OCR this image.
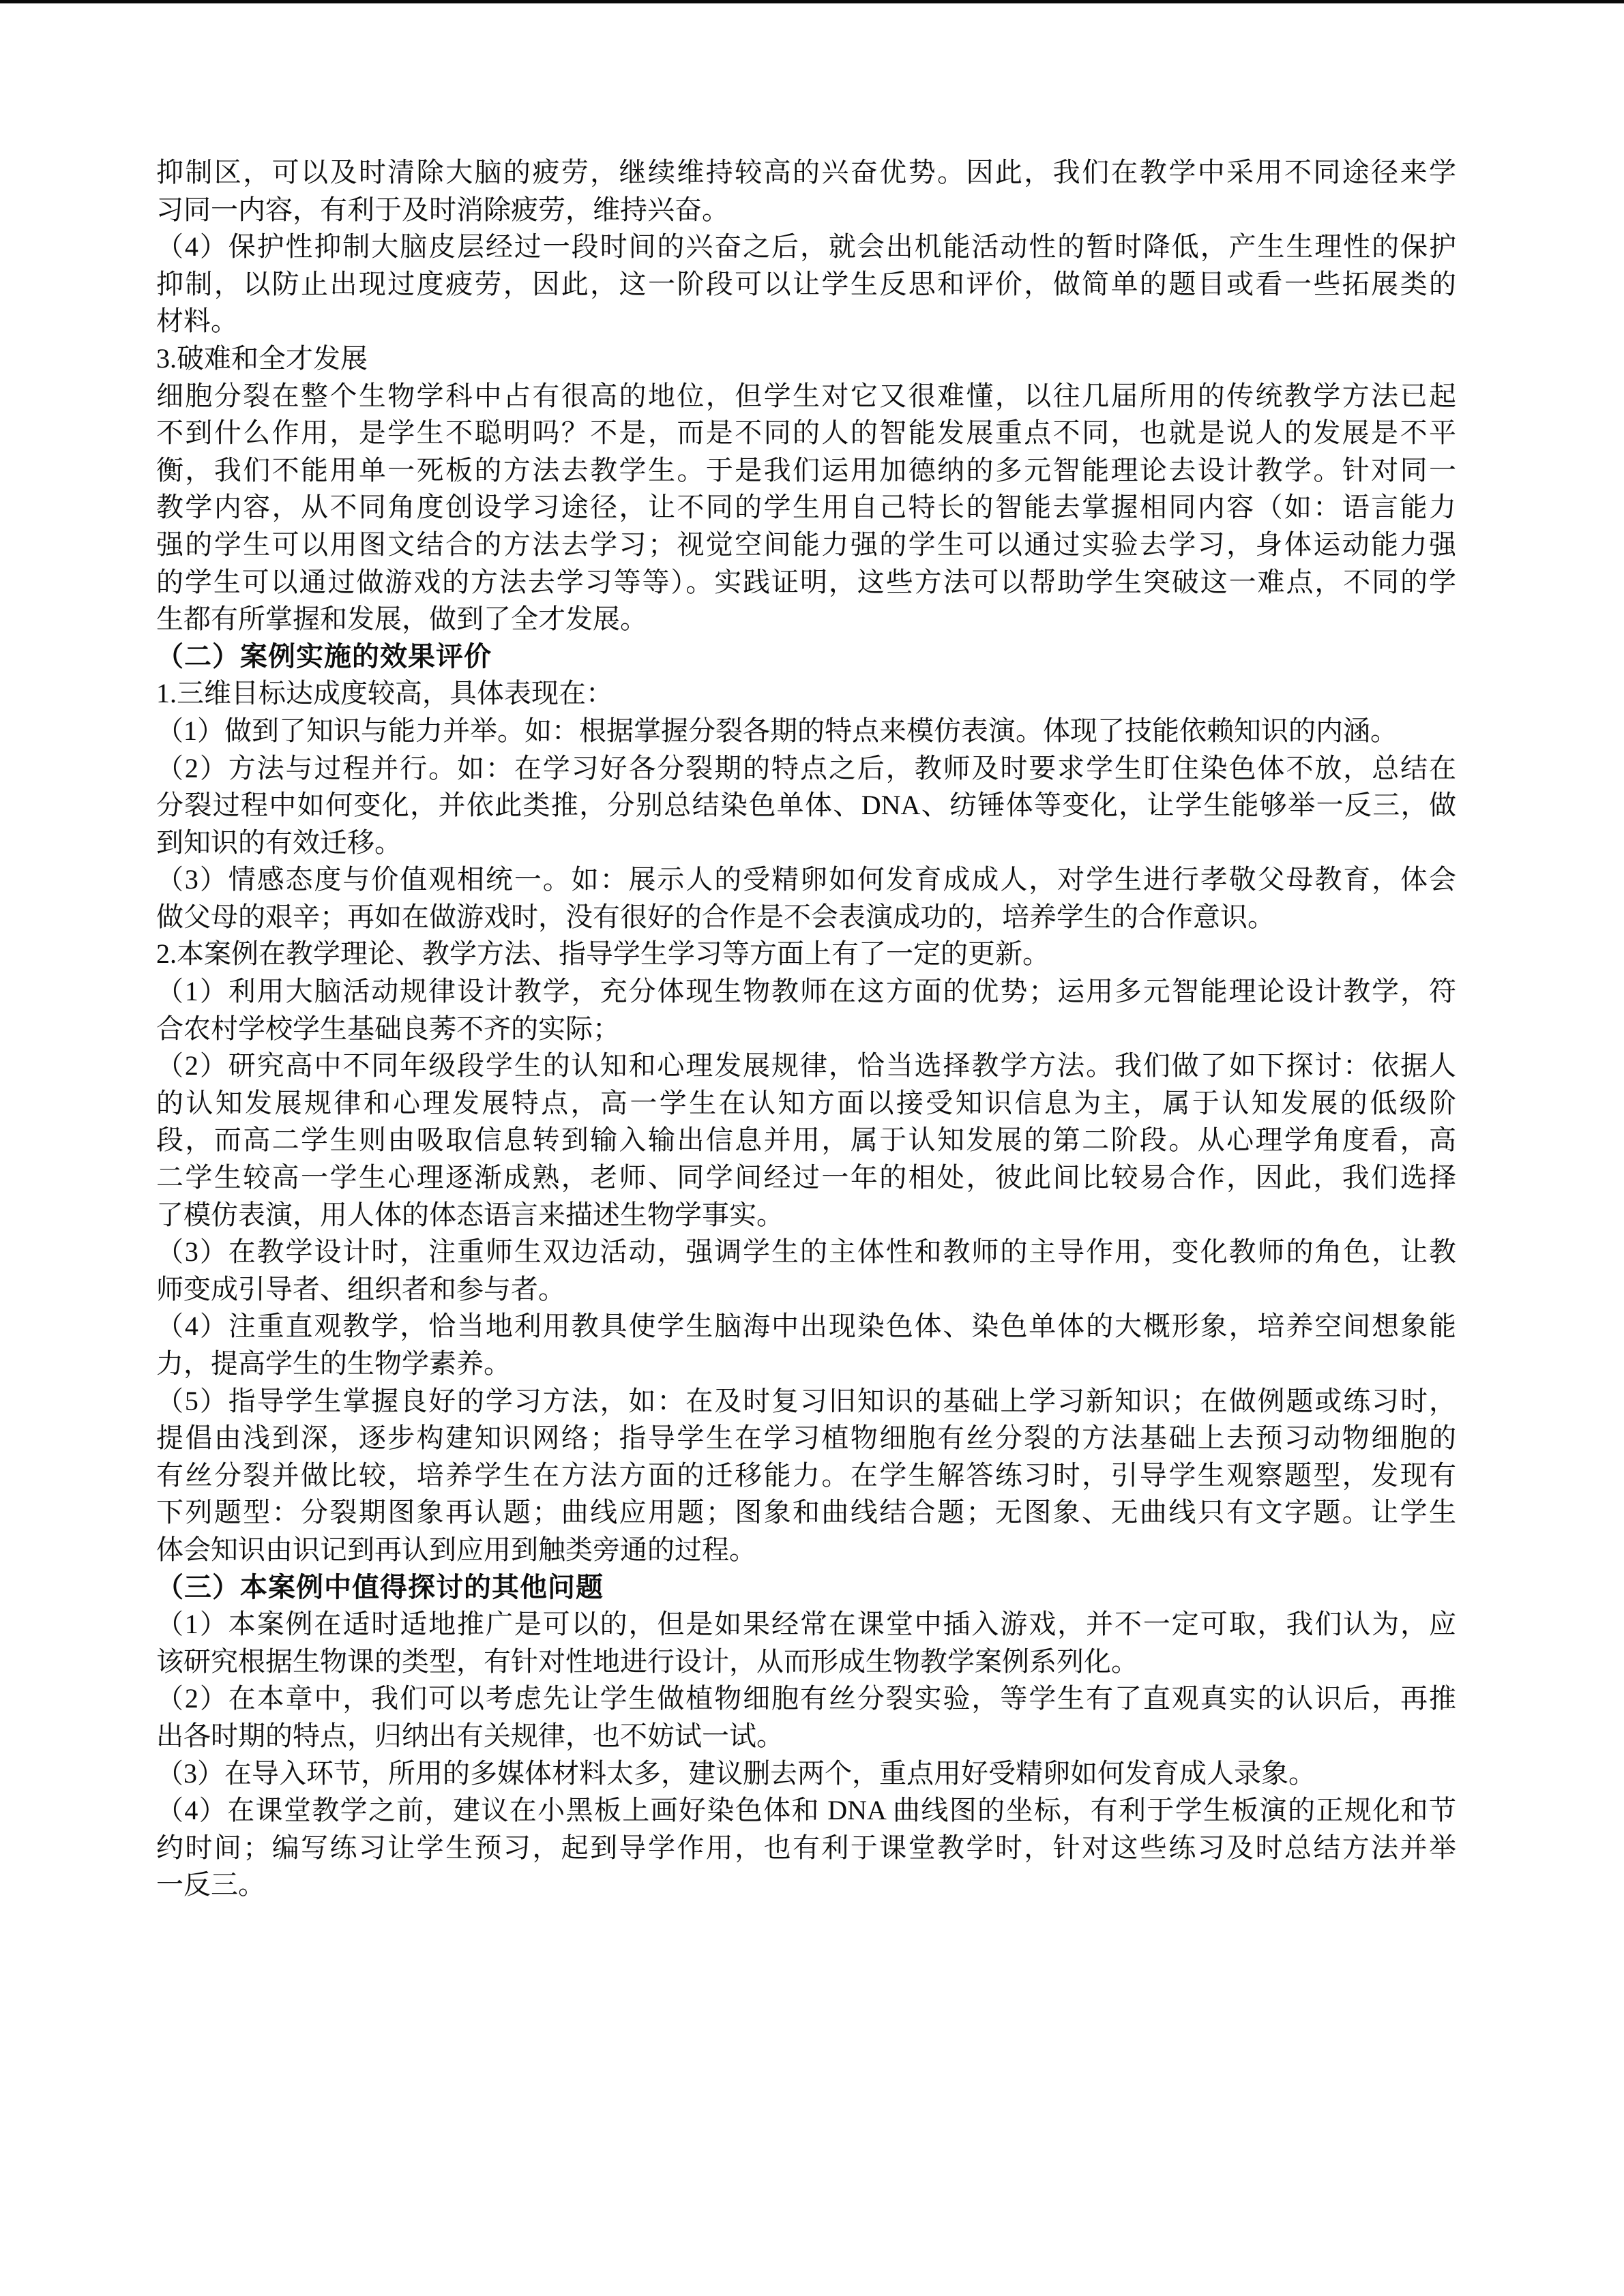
抑制区，可以及时清除大脑的疲劳，继续维持较高的兴奋优势。因此，我们在教学中采用不同途径来学
习同一内容，有利于及时消除疲劳，维持兴奋。
（4）保护性抑制大脑皮层经过一段时间的兴奋之后，就会出机能活动性的暂时降低，产生生理性的保护
抑制，以防止出现过度疲劳，因此，这一阶段可以让学生反思和评价，做简单的题目或看一些拓展类的
材料。
3.破难和全才发展
细胞分裂在整个生物学科中占有很高的地位，但学生对它又很难懂，以往几届所用的传统教学方法已起
不到什么作用，是学生不聪明吗？不是，而是不同的人的智能发展重点不同，也就是说人的发展是不平
衡，我们不能用单一死板的方法去教学生。于是我们运用加德纳的多元智能理论去设计教学。针对同一
教学内容，从不同角度创设学习途径，让不同的学生用自己特长的智能去掌握相同内容（如：语言能力
强的学生可以用图文结合的方法去学习；视觉空间能力强的学生可以通过实验去学习，身体运动能力强
的学生可以通过做游戏的方法去学习等等）。实践证明，这些方法可以帮助学生突破这一难点，不同的学
生都有所掌握和发展，做到了全才发展。
（二）案例实施的效果评价
1.三维目标达成度较高，具体表现在：
（1）做到了知识与能力并举。如：根据掌握分裂各期的特点来模仿表演。体现了技能依赖知识的内涵。
（2）方法与过程并行。如：在学习好各分裂期的特点之后，教师及时要求学生盯住染色体不放，总结在
分裂过程中如何变化，并依此类推，分别总结染色单体、DNA、纺锤体等变化，让学生能够举一反三，做
到知识的有效迁移。
（3）情感态度与价值观相统一。如：展示人的受精卵如何发育成成人，对学生进行孝敬父母教育，体会
做父母的艰辛；再如在做游戏时，没有很好的合作是不会表演成功的，培养学生的合作意识。
2.本案例在教学理论、教学方法、指导学生学习等方面上有了一定的更新。
（1）利用大脑活动规律设计教学，充分体现生物教师在这方面的优势；运用多元智能理论设计教学，符
合农村学校学生基础良莠不齐的实际；
（2）研究高中不同年级段学生的认知和心理发展规律，恰当选择教学方法。我们做了如下探讨：依据人
的认知发展规律和心理发展特点，高一学生在认知方面以接受知识信息为主，属于认知发展的低级阶
段，而高二学生则由吸取信息转到输入输出信息并用，属于认知发展的第二阶段。从心理学角度看，高
二学生较高一学生心理逐渐成熟，老师、同学间经过一年的相处，彼此间比较易合作，因此，我们选择
了模仿表演，用人体的体态语言来描述生物学事实。
（3）在教学设计时，注重师生双边活动，强调学生的主体性和教师的主导作用，变化教师的角色，让教
师变成引导者、组织者和参与者。
（4）注重直观教学，恰当地利用教具使学生脑海中出现染色体、染色单体的大概形象，培养空间想象能
力，提高学生的生物学素养。
（5）指导学生掌握良好的学习方法，如：在及时复习旧知识的基础上学习新知识；在做例题或练习时，
提倡由浅到深，逐步构建知识网络；指导学生在学习植物细胞有丝分裂的方法基础上去预习动物细胞的
有丝分裂并做比较，培养学生在方法方面的迁移能力。在学生解答练习时，引导学生观察题型，发现有
下列题型：分裂期图象再认题；曲线应用题；图象和曲线结合题；无图象、无曲线只有文字题。让学生
体会知识由识记到再认到应用到触类旁通的过程。
（三）本案例中值得探讨的其他问题
（1）本案例在适时适地推广是可以的，但是如果经常在课堂中插入游戏，并不一定可取，我们认为，应
该研究根据生物课的类型，有针对性地进行设计，从而形成生物教学案例系列化。
（2）在本章中，我们可以考虑先让学生做植物细胞有丝分裂实验，等学生有了直观真实的认识后，再推
出各时期的特点，归纳出有关规律，也不妨试一试。
（3）在导入环节，所用的多媒体材料太多，建议删去两个，重点用好受精卵如何发育成人录象。
（4）在课堂教学之前，建议在小黑板上画好染色体和 DNA 曲线图的坐标，有利于学生板演的正规化和节
约时间；编写练习让学生预习，起到导学作用，也有利于课堂教学时，针对这些练习及时总结方法并举
一反三。
